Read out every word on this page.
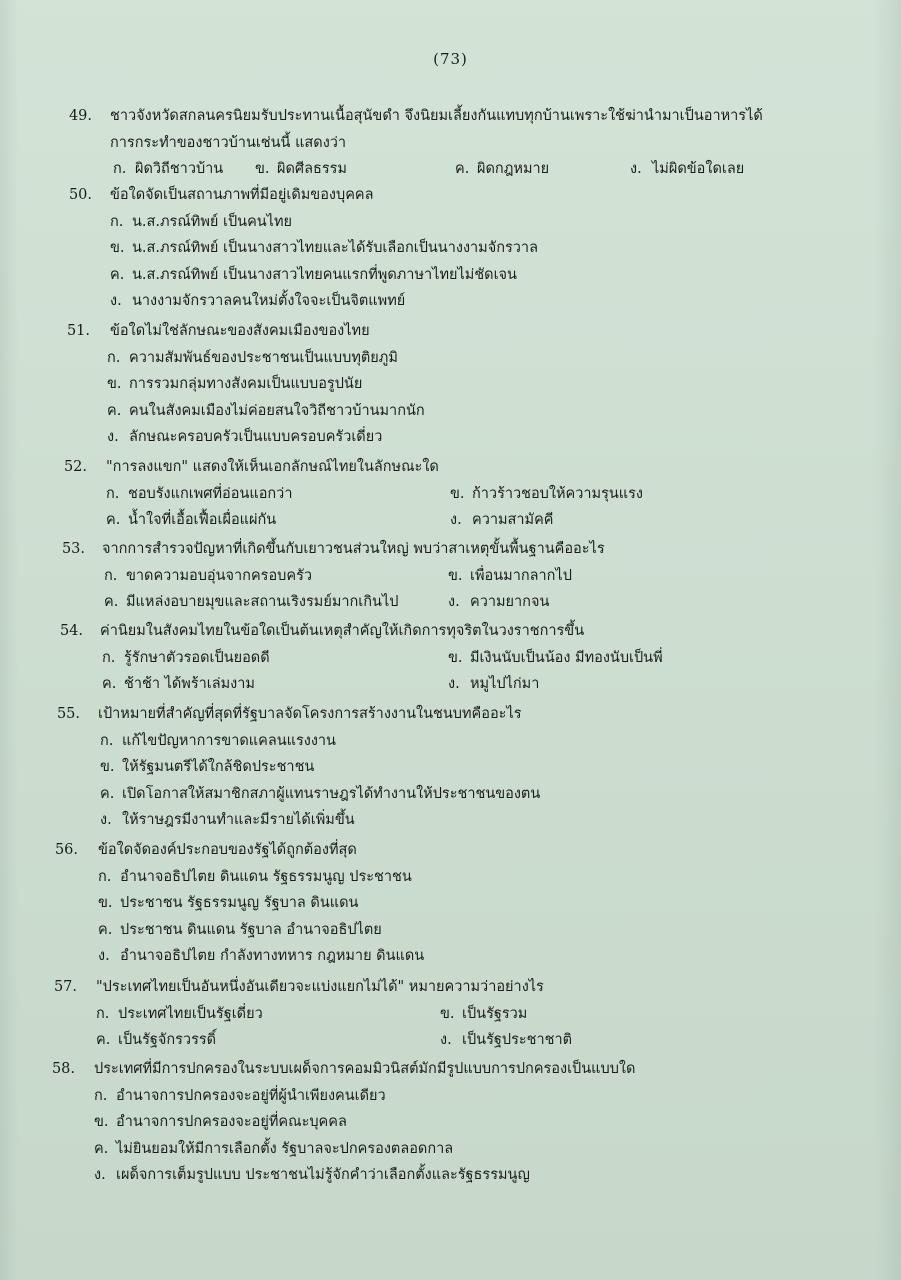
(73)
49. ชาวจังหวัดสกลนครนิยมรับประทานเนื้อสุนัขดำ จึงนิยมเลี้ยงกันแทบทุกบ้านเพราะใช้ฆ่านำมาเป็นอาหารได้
การกระทำของชาวบ้านเช่นนี้ แสดงว่า
ก. ผิดวิถีชาวบ้าน ข. ผิดศีลธรรม	ค. ผิดกฎหมาย	ง. ไม่ผิดข้อใดเลย
50. ข้อใดจัดเป็นสถานภาพที่มีอยู่เดิมของบุคคล
ก. น.ส.ภรณ์ทิพย์ เป็นคนไทย
ข. น.ส.ภรณ์ทิพย์ เป็นนางสาวไทยและได้รับเลือกเป็นนางงามจักรวาล
ค. น.ส.ภรณ์ทิพย์ เป็นนางสาวไทยคนแรกที่พูดภาษาไทยไม่ชัดเจน
ง. นางงามจักรวาลคนใหม่ตั้งใจจะเป็นจิตแพทย์
51. ข้อใดไม่ใช่ลักษณะของสังคมเมืองของไทย
ก. ความสัมพันธ์ของประชาชนเป็นแบบทุติยภูมิ
ข. การรวมกลุ่มทางสังคมเป็นแบบอรูปนัย
ค. คนในสังคมเมืองไม่ค่อยสนใจวิถีชาวบ้านมากนัก
ง. ลักษณะครอบครัวเป็นแบบครอบครัวเดี่ยว
52. "การลงแขก" แสดงให้เห็นเอกลักษณ์ไทยในลักษณะใด
ก. ชอบรังแกเพศที่อ่อนแอกว่า	ข. ก้าวร้าวชอบให้ความรุนแรง
ค. น้ำใจที่เอื้อเฟื้อเผื่อแผ่กัน	ง. ความสามัคคี
53. จากการสำรวจปัญหาที่เกิดขึ้นกับเยาวชนส่วนใหญ่ พบว่าสาเหตุขั้นพื้นฐานคืออะไร
ก. ขาดความอบอุ่นจากครอบครัว	ข. เพื่อนมากลากไป
ค. มีแหล่งอบายมุขและสถานเริงรมย์มากเกินไป	ง. ความยากจน
54. ค่านิยมในสังคมไทยในข้อใดเป็นต้นเหตุสำคัญให้เกิดการทุจริตในวงราชการขึ้น
ก. รู้รักษาตัวรอดเป็นยอดดี	ข. มีเงินนับเป็นน้อง มีทองนับเป็นพี่
ค. ช้าช้า ได้พร้าเล่มงาม	ง. หมูไปไก่มา
55. เป้าหมายที่สำคัญที่สุดที่รัฐบาลจัดโครงการสร้างงานในชนบทคืออะไร
ก. แก้ไขปัญหาการขาดแคลนแรงงาน
ข. ให้รัฐมนตรีได้ใกล้ชิดประชาชน
ค. เปิดโอกาสให้สมาชิกสภาผู้แทนราษฎรได้ทำงานให้ประชาชนของตน
ง. ให้ราษฎรมีงานทำและมีรายได้เพิ่มขึ้น
56. ข้อใดจัดองค์ประกอบของรัฐได้ถูกต้องที่สุด
ก. อำนาจอธิปไตย ดินแดน รัฐธรรมนูญ ประชาชน
ข. ประชาชน รัฐธรรมนูญ รัฐบาล ดินแดน
ค. ประชาชน ดินแดน รัฐบาล อำนาจอธิปไตย
ง. อำนาจอธิปไตย กำลังทางทหาร กฎหมาย ดินแดน
57. "ประเทศไทยเป็นอันหนึ่งอันเดียวจะแบ่งแยกไม่ได้" หมายความว่าอย่างไร
ก. ประเทศไทยเป็นรัฐเดี่ยว	ข. เป็นรัฐรวม
ค. เป็นรัฐจักรวรรดิ์	ง. เป็นรัฐประชาชาติ
58. ประเทศที่มีการปกครองในระบบเผด็จการคอมมิวนิสต์มักมีรูปแบบการปกครองเป็นแบบใด
ก. อำนาจการปกครองจะอยู่ที่ผู้นำเพียงคนเดียว
ข. อำนาจการปกครองจะอยู่ที่คณะบุคคล
ค. ไม่ยินยอมให้มีการเลือกตั้ง รัฐบาลจะปกครองตลอดกาล
ง. เผด็จการเต็มรูปแบบ ประชาชนไม่รู้จักคำว่าเลือกตั้งและรัฐธรรมนูญ
